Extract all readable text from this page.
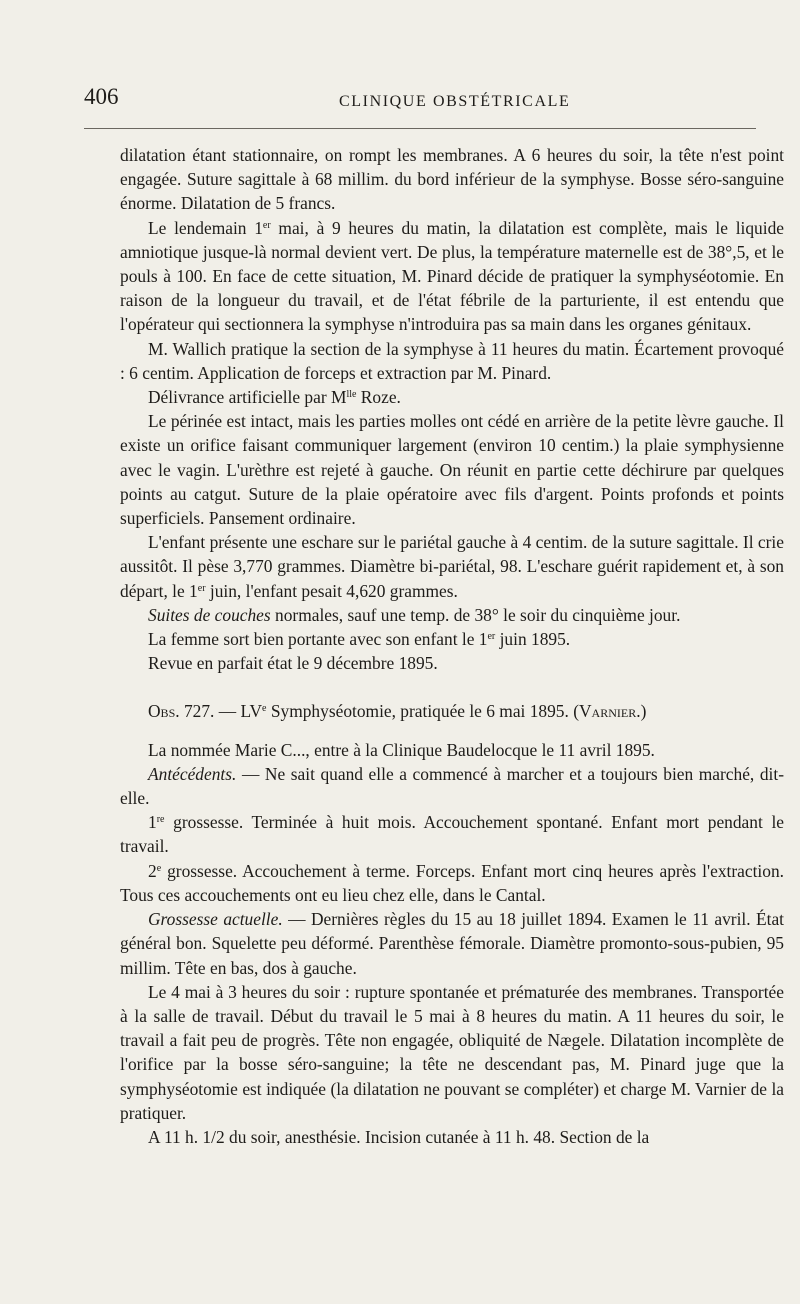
406	CLINIQUE OBSTÉTRICALE

dilatation étant stationnaire, on rompt les membranes. A 6 heures du soir, la tête n'est point engagée. Suture sagittale à 68 millim. du bord inférieur de la symphyse. Bosse séro-sanguine énorme. Dilatation de 5 francs.

Le lendemain 1er mai, à 9 heures du matin, la dilatation est complète, mais le liquide amniotique jusque-là normal devient vert. De plus, la température maternelle est de 38°,5, et le pouls à 100. En face de cette situation, M. Pinard décide de pratiquer la symphyséotomie. En raison de la longueur du travail, et de l'état fébrile de la parturiente, il est entendu que l'opérateur qui sectionnera la symphyse n'introduira pas sa main dans les organes génitaux.

M. Wallich pratique la section de la symphyse à 11 heures du matin. Écartement provoqué : 6 centim. Application de forceps et extraction par M. Pinard.

Délivrance artificielle par $M^{lle}$ Roze.

Le périnée est intact, mais les parties molles ont cédé en arrière de la petite lèvre gauche. Il existe un orifice faisant communiquer largement (environ 10 centim.) la plaie symphysienne avec le vagin. L'urèthre est rejeté à gauche. On réunit en partie cette déchirure par quelques points au catgut. Suture de la plaie opératoire avec fils d'argent. Points profonds et points superficiels. Pansement ordinaire.

L'enfant présente une eschare sur le pariétal gauche à 4 centim. de la suture sagittale. Il crie aussitôt. Il pèse 3,770 grammes. Diamètre bi-pariétal, 98. L'eschare guérit rapidement et, à son départ, le 1er juin, l'enfant pesait 4,620 grammes.

Suites de couches normales, sauf une temp. de 38° le soir du cinquième jour.

La femme sort bien portante avec son enfant le 1er juin 1895.

Revue en parfait état le 9 décembre 1895.

Obs. 727. — LVe Symphyséotomie, pratiquée le 6 mai 1895. (Varnier.)

La nommée Marie C..., entre à la Clinique Baudelocque le 11 avril 1895.

Antécédents. — Ne sait quand elle a commencé à marcher et a toujours bien marché, dit-elle.

1re grossesse. Terminée à huit mois. Accouchement spontané. Enfant mort pendant le travail.

2e grossesse. Accouchement à terme. Forceps. Enfant mort cinq heures après l'extraction. Tous ces accouchements ont eu lieu chez elle, dans le Cantal.

Grossesse actuelle. — Dernières règles du 15 au 18 juillet 1894. Examen le 11 avril. État général bon. Squelette peu déformé. Parenthèse fémorale. Diamètre promonto-sous-pubien, 95 millim. Tête en bas, dos à gauche.

Le 4 mai à 3 heures du soir : rupture spontanée et prématurée des membranes. Transportée à la salle de travail. Début du travail le 5 mai à 8 heures du matin. A 11 heures du soir, le travail a fait peu de progrès. Tête non engagée, obliquité de Nægele. Dilatation incomplète de l'orifice par la bosse séro-sanguine; la tête ne descendant pas, M. Pinard juge que la symphyséotomie est indiquée (la dilatation ne pouvant se compléter) et charge M. Varnier de la pratiquer.

A 11 h. 1/2 du soir, anesthésie. Incision cutanée à 11 h. 48. Section de la
